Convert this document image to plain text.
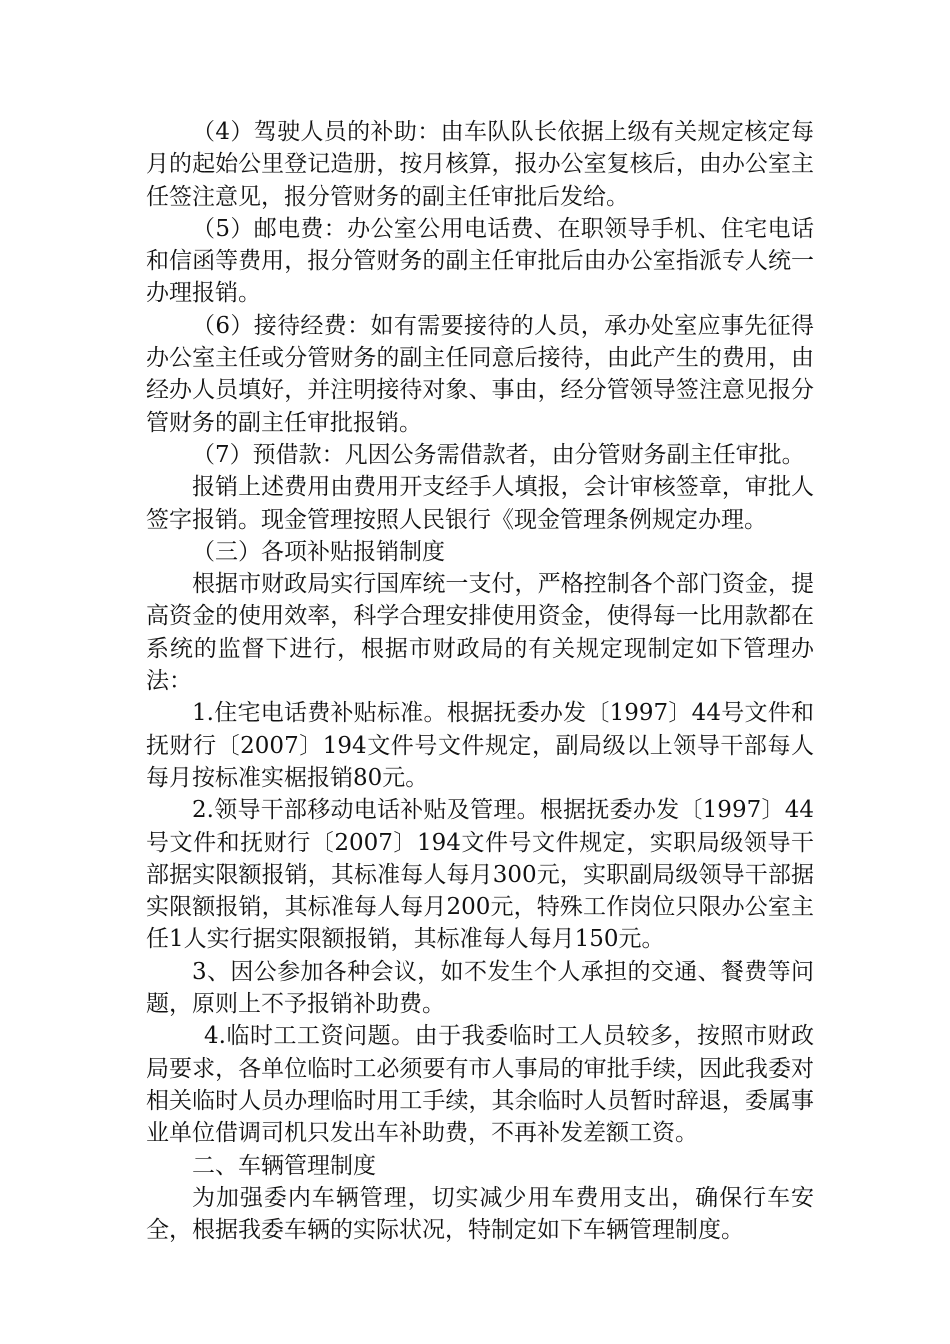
（4）驾驶人员的补助：由车队队长依据上级有关规定核定每月的起始公里登记造册，按月核算，报办公室复核后，由办公室主任签注意见，报分管财务的副主任审批后发给。

（5）邮电费：办公室公用电话费、在职领导手机、住宅电话和信函等费用，报分管财务的副主任审批后由办公室指派专人统一办理报销。

（6）接待经费：如有需要接待的人员，承办处室应事先征得办公室主任或分管财务的副主任同意后接待，由此产生的费用，由经办人员填好，并注明接待对象、事由，经分管领导签注意见报分管财务的副主任审批报销。

（7）预借款：凡因公务需借款者，由分管财务副主任审批。

报销上述费用由费用开支经手人填报，会计审核签章，审批人签字报销。现金管理按照人民银行《现金管理条例规定办理。

（三）各项补贴报销制度

根据市财政局实行国库统一支付，严格控制各个部门资金，提高资金的使用效率，科学合理安排使用资金，使得每一比用款都在系统的监督下进行，根据市财政局的有关规定现制定如下管理办法：

1.住宅电话费补贴标准。根据抚委办发〔1997〕44号文件和抚财行〔2007〕194文件号文件规定，副局级以上领导干部每人每月按标准实椐报销80元。

2.领导干部移动电话补贴及管理。根据抚委办发〔1997〕44号文件和抚财行〔2007〕194文件号文件规定，实职局级领导干部据实限额报销，其标准每人每月300元，实职副局级领导干部据实限额报销，其标准每人每月200元，特殊工作岗位只限办公室主任1人实行据实限额报销，其标准每人每月150元。

3、因公参加各种会议，如不发生个人承担的交通、餐费等问题，原则上不予报销补助费。

4.临时工工资问题。由于我委临时工人员较多，按照市财政局要求，各单位临时工必须要有市人事局的审批手续，因此我委对相关临时人员办理临时用工手续，其余临时人员暂时辞退，委属事业单位借调司机只发出车补助费，不再补发差额工资。

二、车辆管理制度

为加强委内车辆管理，切实减少用车费用支出，确保行车安全，根据我委车辆的实际状况，特制定如下车辆管理制度。
